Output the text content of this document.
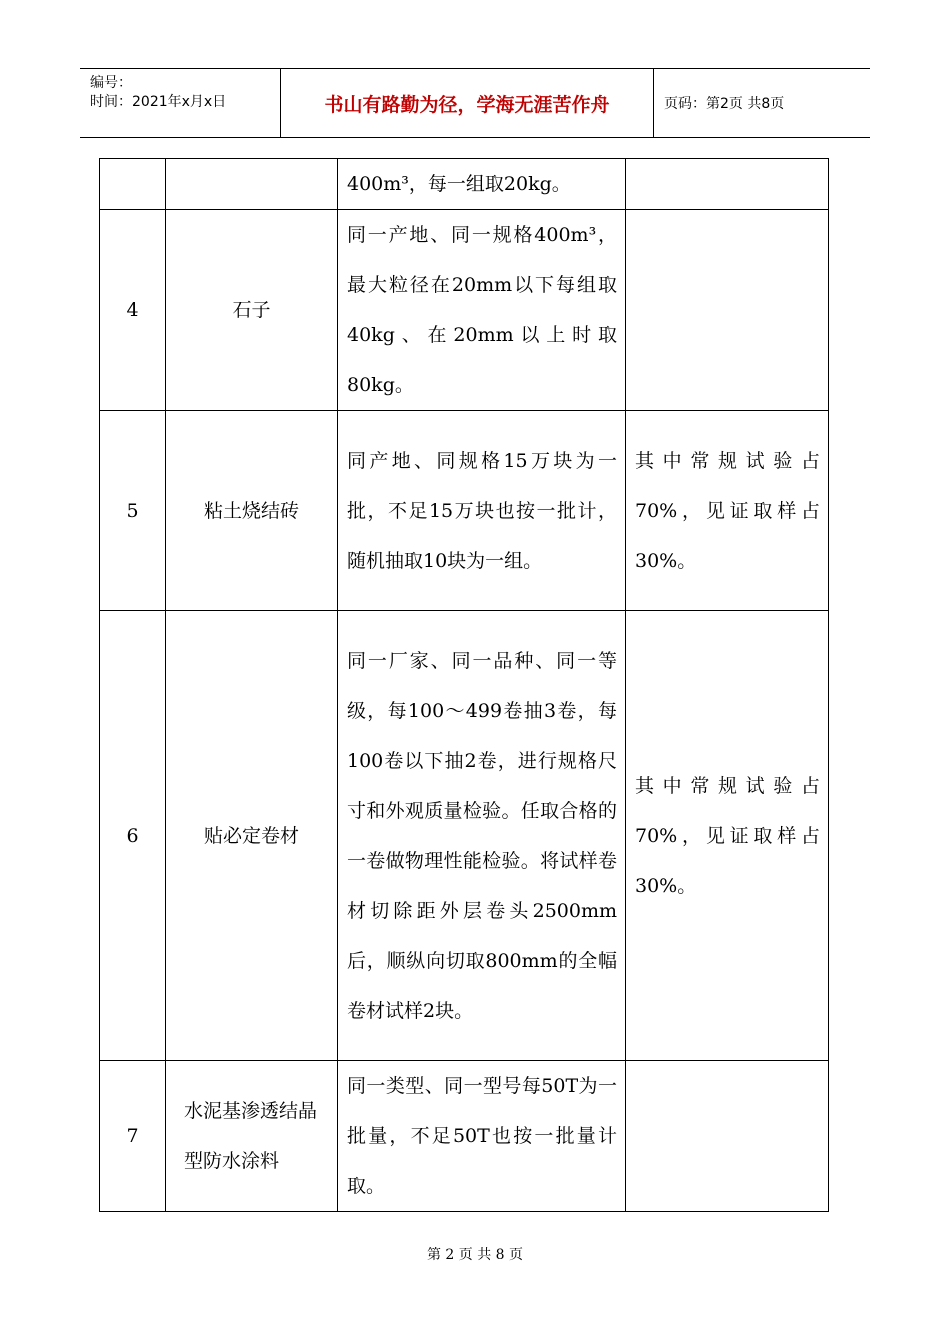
编号：
时间：2021年x月x日	书山有路勤为径，学海无涯苦作舟	页码：第2页 共8页
		400m³，每一组取20kg。	
4	石子	同一产地、同一规格400m³，最大粒径在20mm以下每组取40kg、在20mm以上时取80kg。	
5	粘土烧结砖	同产地、同规格15万块为一批，不足15万块也按一批计，随机抽取10块为一组。	其中常规试验占70%，见证取样占30%。
6	贴必定卷材	同一厂家、同一品种、同一等级，每100～499卷抽3卷，每100卷以下抽2卷，进行规格尺寸和外观质量检验。任取合格的一卷做物理性能检验。将试样卷材切除距外层卷头2500mm后，顺纵向切取800mm的全幅卷材试样2块。	其中常规试验占70%，见证取样占30%。
7	水泥基渗透结晶型防水涂料	同一类型、同一型号每50T为一批量，不足50T也按一批量计取。	
第 2 页 共 8 页
